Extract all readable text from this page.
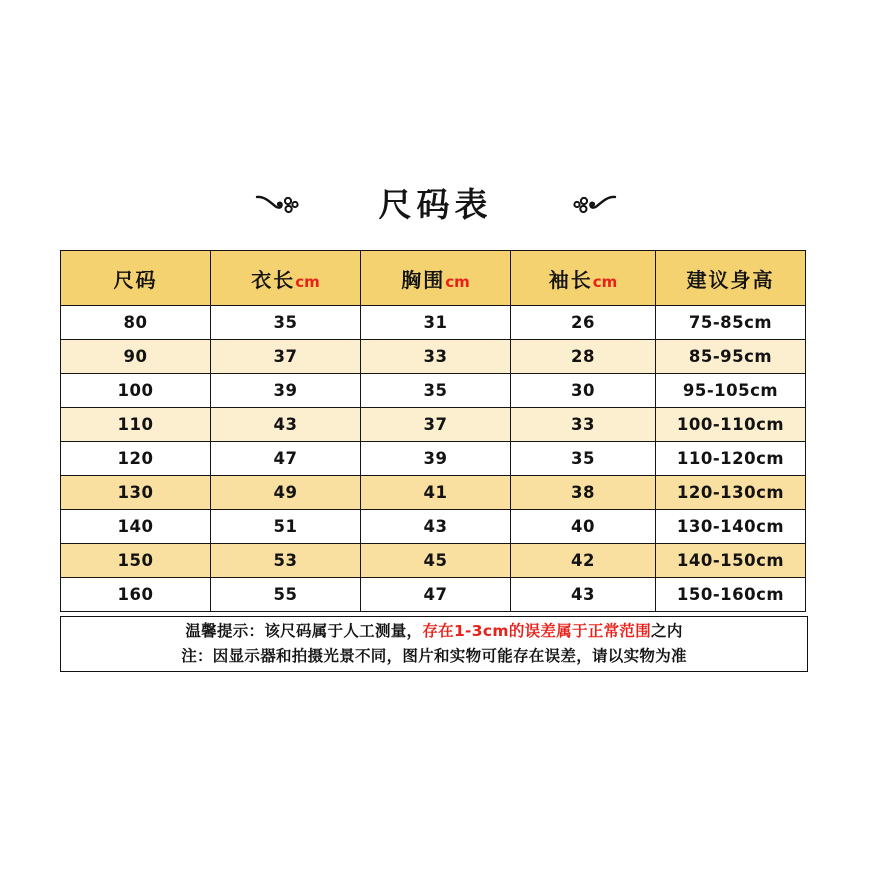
尺码表
尺码	衣长cm	胸围cm	袖长cm	建议身高
80	35	31	26	75-85cm
90	37	33	28	85-95cm
100	39	35	30	95-105cm
110	43	37	33	100-110cm
120	47	39	35	110-120cm
130	49	41	38	120-130cm
140	51	43	40	130-140cm
150	53	45	42	140-150cm
160	55	47	43	150-160cm
温馨提示：该尺码属于人工测量，存在1-3cm的误差属于正常范围之内
注：因显示器和拍摄光景不同，图片和实物可能存在误差，请以实物为准
